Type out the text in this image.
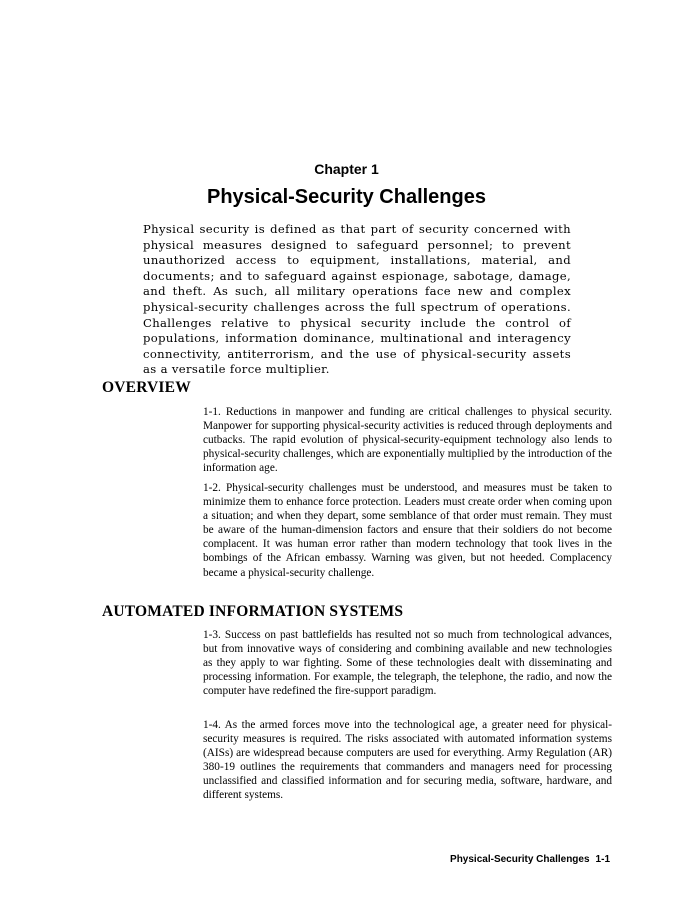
Chapter 1
Physical-Security Challenges

Physical security is defined as that part of security concerned with physical measures designed to safeguard personnel; to prevent unauthorized access to equipment, installations, material, and documents; and to safeguard against espionage, sabotage, damage, and theft. As such, all military operations face new and complex physical-security challenges across the full spectrum of operations. Challenges relative to physical security include the control of populations, information dominance, multinational and interagency connectivity, antiterrorism, and the use of physical-security assets as a versatile force multiplier.

OVERVIEW

1-1. Reductions in manpower and funding are critical challenges to physical security. Manpower for supporting physical-security activities is reduced through deployments and cutbacks. The rapid evolution of physical-security-equipment technology also lends to physical-security challenges, which are exponentially multiplied by the introduction of the information age.

1-2. Physical-security challenges must be understood, and measures must be taken to minimize them to enhance force protection. Leaders must create order when coming upon a situation; and when they depart, some semblance of that order must remain. They must be aware of the human-dimension factors and ensure that their soldiers do not become complacent. It was human error rather than modern technology that took lives in the bombings of the African embassy. Warning was given, but not heeded. Complacency became a physical-security challenge.

AUTOMATED INFORMATION SYSTEMS

1-3. Success on past battlefields has resulted not so much from technological advances, but from innovative ways of considering and combining available and new technologies as they apply to war fighting. Some of these technologies dealt with disseminating and processing information. For example, the telegraph, the telephone, the radio, and now the computer have redefined the fire-support paradigm.

1-4. As the armed forces move into the technological age, a greater need for physical-security measures is required. The risks associated with automated information systems (AISs) are widespread because computers are used for everything. Army Regulation (AR) 380-19 outlines the requirements that commanders and managers need for processing unclassified and classified information and for securing media, software, hardware, and different systems.

Physical-Security Challenges 1-1
